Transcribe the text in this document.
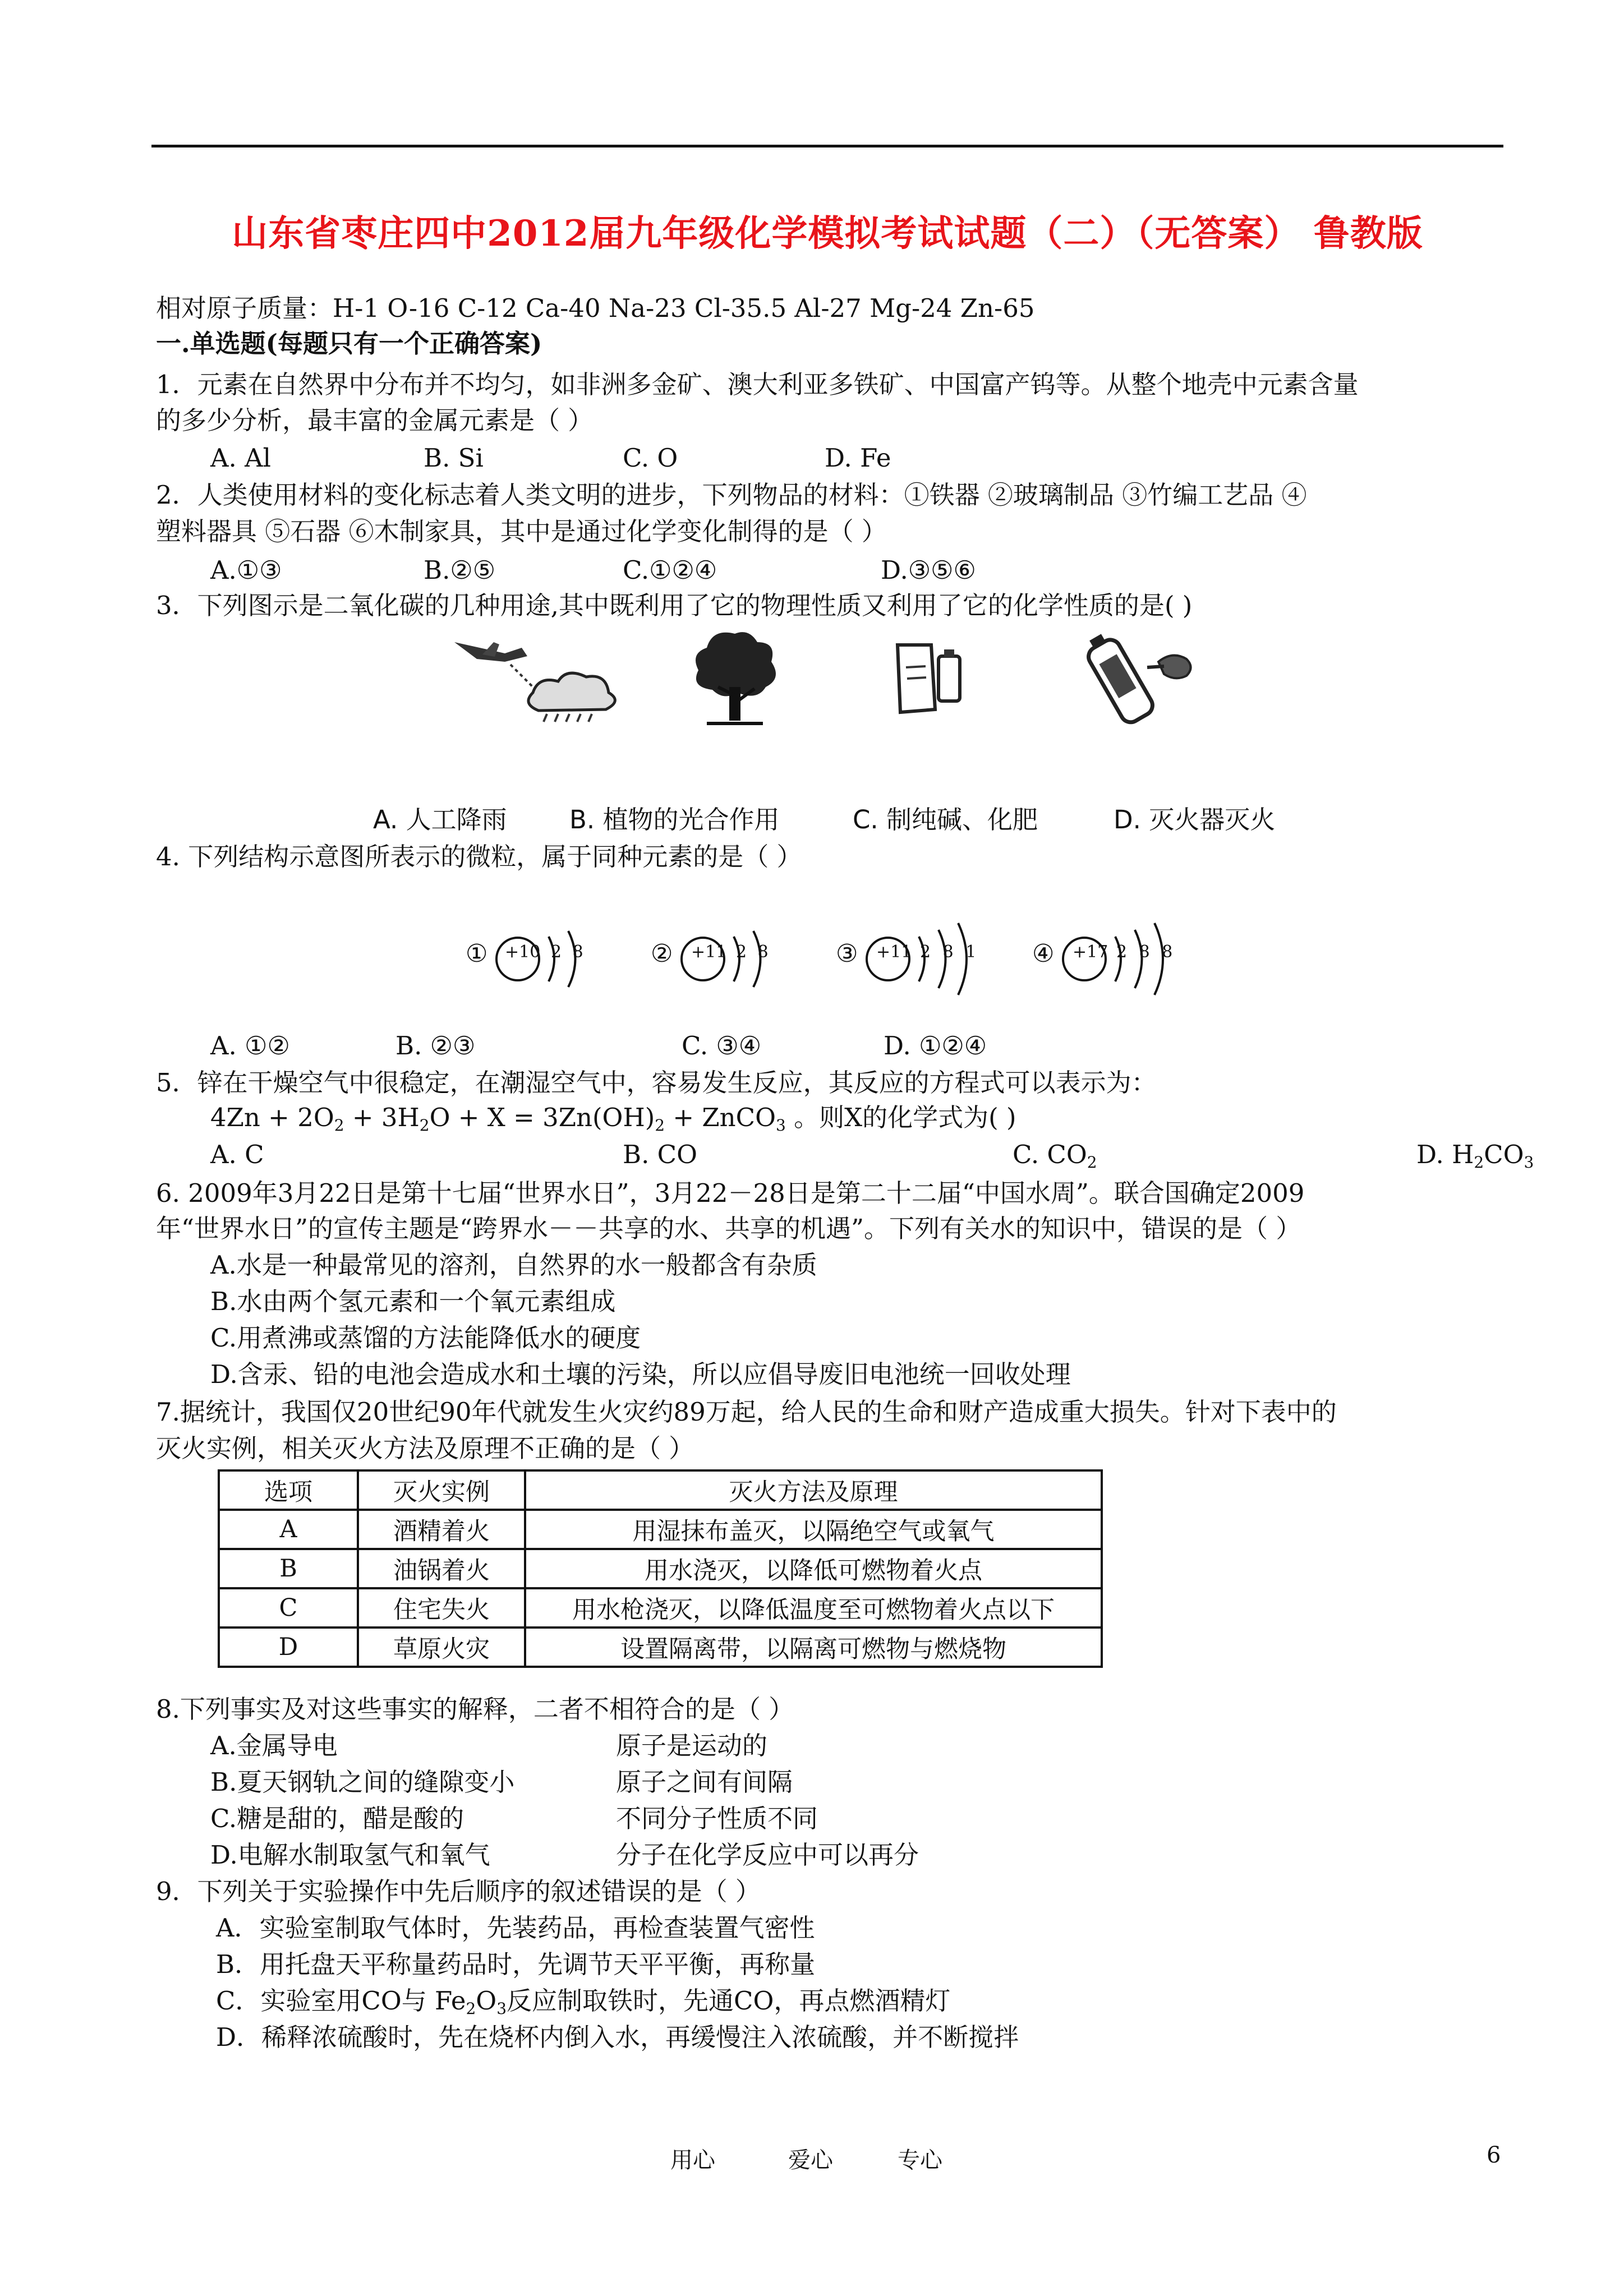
山东省枣庄四中2012届九年级化学模拟考试试题（二）（无答案） 鲁教版
相对原子质量：H-1 O-16 C-12 Ca-40 Na-23 Cl-35.5 Al-27 Mg-24 Zn-65
一.单选题(每题只有一个正确答案)
1．元素在自然界中分布并不均匀，如非洲多金矿、澳大利亚多铁矿、中国富产钨等。从整个地壳中元素含量
的多少分析，最丰富的金属元素是（ ）
A. Al	B. Si	C. O	D. Fe
2．人类使用材料的变化标志着人类文明的进步，下列物品的材料：①铁器 ②玻璃制品 ③竹编工艺品 ④
塑料器具 ⑤石器 ⑥木制家具，其中是通过化学变化制得的是（ ）
A.①③	B.②⑤	C.①②④	D.③⑤⑥
3．下列图示是二氧化碳的几种用途,其中既利用了它的物理性质又利用了它的化学性质的是( )
A. 人工降雨 B. 植物的光合作用	C. 制纯碱、化肥	D. 灭火器灭火
4. 下列结构示意图所表示的微粒，属于同种元素的是（ ）
① +10 2 8	② +11 2 8	③ +11 2 8 1 ④ +17 2 8 8
A. ①②	B. ②③	C. ③④	D. ①②④
5．锌在干燥空气中很稳定，在潮湿空气中，容易发生反应，其反应的方程式可以表示为：
$4Zn + 2O_2 + 3H_2O + X = 3Zn(OH)_2$ + ZnCO$_3$ 。则X的化学式为( )
A. C	B. CO	C. $CO_2$	D. $H_2CO_3$
6. 2009年3月22日是第十七届“世界水日”，3月22－28日是第二十二届“中国水周”。联合国确定2009
年“世界水日”的宣传主题是“跨界水－－共享的水、共享的机遇”。下列有关水的知识中，错误的是（ ）
A.水是一种最常见的溶剂，自然界的水一般都含有杂质
B.水由两个氢元素和一个氧元素组成
C.用煮沸或蒸馏的方法能降低水的硬度
D.含汞、铅的电池会造成水和土壤的污染，所以应倡导废旧电池统一回收处理
7.据统计，我国仅20世纪90年代就发生火灾约89万起，给人民的生命和财产造成重大损失。针对下表中的
灭火实例，相关灭火方法及原理不正确的是（ ）
选项	灭火实例	灭火方法及原理
A	酒精着火	用湿抹布盖灭，以隔绝空气或氧气
B	油锅着火	用水浇灭，以降低可燃物着火点
C	住宅失火	用水枪浇灭，以降低温度至可燃物着火点以下
D	草原火灾	设置隔离带，以隔离可燃物与燃烧物
8.下列事实及对这些事实的解释，二者不相符合的是（ ）
A.金属导电	原子是运动的
B.夏天钢轨之间的缝隙变小	原子之间有间隔
C.糖是甜的，醋是酸的	不同分子性质不同
D.电解水制取氢气和氧气	分子在化学反应中可以再分
9．下列关于实验操作中先后顺序的叙述错误的是（ ）
A．实验室制取气体时，先装药品，再检查装置气密性
B．用托盘天平称量药品时，先调节天平平衡，再称量
C．实验室用CO与 $Fe_2O_3$反应制取铁时，先通CO，再点燃酒精灯
D．稀释浓硫酸时，先在烧杯内倒入水，再缓慢注入浓硫酸，并不断搅拌
用心	爱心	专心	6
